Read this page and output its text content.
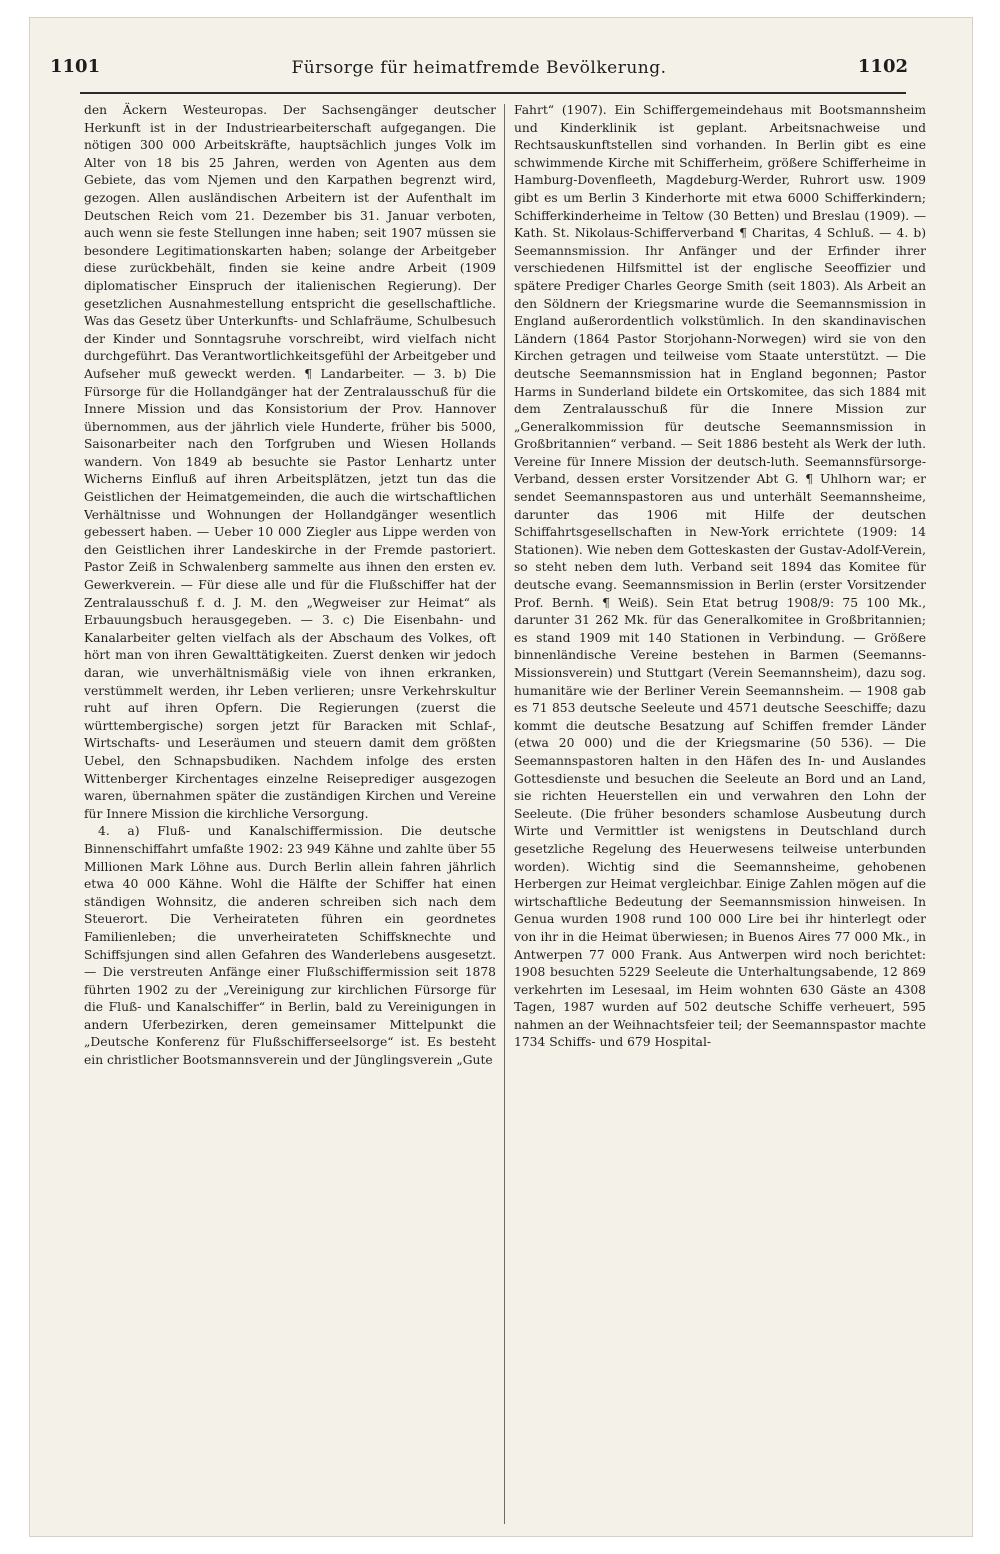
1101	Fürsorge für heimatfremde Bevölkerung.	1102

den Äckern Westeuropas. Der Sachsengänger deutscher Herkunft ist in der Industriearbeiterschaft aufgegangen. Die nötigen 300 000 Arbeitskräfte, hauptsächlich junges Volk im Alter von 18 bis 25 Jahren, werden von Agenten aus dem Gebiete, das vom Njemen und den Karpathen begrenzt wird, gezogen. Allen ausländischen Arbeitern ist der Aufenthalt im Deutschen Reich vom 21. Dezember bis 31. Januar verboten, auch wenn sie feste Stellungen inne haben; seit 1907 müssen sie besondere Legitimationskarten haben; solange der Arbeitgeber diese zurückbehält, finden sie keine andre Arbeit (1909 diplomatischer Einspruch der italienischen Regierung). Der gesetzlichen Ausnahmestellung entspricht die gesellschaftliche. Was das Gesetz über Unterkunfts- und Schlafräume, Schulbesuch der Kinder und Sonntagsruhe vorschreibt, wird vielfach nicht durchgeführt. Das Verantwortlichkeitsgefühl der Arbeitgeber und Aufseher muß geweckt werden. ¶ Landarbeiter. — 3. b) Die Fürsorge für die Hollandgänger hat der Zentralausschuß für die Innere Mission und das Konsistorium der Prov. Hannover übernommen, aus der jährlich viele Hunderte, früher bis 5000, Saisonarbeiter nach den Torfgruben und Wiesen Hollands wandern. Von 1849 ab besuchte sie Pastor Lenhartz unter Wicherns Einfluß auf ihren Arbeitsplätzen, jetzt tun das die Geistlichen der Heimatgemeinden, die auch die wirtschaftlichen Verhältnisse und Wohnungen der Hollandgänger wesentlich gebessert haben. — Ueber 10 000 Ziegler aus Lippe werden von den Geistlichen ihrer Landeskirche in der Fremde pastoriert. Pastor Zeiß in Schwalenberg sammelte aus ihnen den ersten ev. Gewerkverein. — Für diese alle und für die Flußschiffer hat der Zentralausschuß f. d. J. M. den „Wegweiser zur Heimat“ als Erbauungsbuch herausgegeben. — 3. c) Die Eisenbahn- und Kanalarbeiter gelten vielfach als der Abschaum des Volkes, oft hört man von ihren Gewalttätigkeiten. Zuerst denken wir jedoch daran, wie unverhältnismäßig viele von ihnen erkranken, verstümmelt werden, ihr Leben verlieren; unsre Verkehrskultur ruht auf ihren Opfern. Die Regierungen (zuerst die württembergische) sorgen jetzt für Baracken mit Schlaf-, Wirtschafts- und Leseräumen und steuern damit dem größten Uebel, den Schnapsbudiken. Nachdem infolge des ersten Wittenberger Kirchentages einzelne Reiseprediger ausgezogen waren, übernahmen später die zuständigen Kirchen und Vereine für Innere Mission die kirchliche Versorgung.

4. a) Fluß- und Kanalschiffermission. Die deutsche Binnenschiffahrt umfaßte 1902: 23 949 Kähne und zahlte über 55 Millionen Mark Löhne aus. Durch Berlin allein fahren jährlich etwa 40 000 Kähne. Wohl die Hälfte der Schiffer hat einen ständigen Wohnsitz, die anderen schreiben sich nach dem Steuerort. Die Verheirateten führen ein geordnetes Familienleben; die unverheirateten Schiffsknechte und Schiffsjungen sind allen Gefahren des Wanderlebens ausgesetzt. — Die verstreuten Anfänge einer Flußschiffermission seit 1878 führten 1902 zu der „Vereinigung zur kirchlichen Fürsorge für die Fluß- und Kanalschiffer“ in Berlin, bald zu Vereinigungen in andern Uferbezirken, deren gemeinsamer Mittelpunkt die „Deutsche Konferenz für Flußschifferseelsorge“ ist. Es besteht ein christlicher Bootsmannsverein und der Jünglingsverein „Gute

Fahrt“ (1907). Ein Schiffergemeindehaus mit Bootsmannsheim und Kinderklinik ist geplant. Arbeitsnachweise und Rechtsauskunftstellen sind vorhanden. In Berlin gibt es eine schwimmende Kirche mit Schifferheim, größere Schifferheime in Hamburg-Dovenfleeth, Magdeburg-Werder, Ruhrort usw. 1909 gibt es um Berlin 3 Kinderhorte mit etwa 6000 Schifferkindern; Schifferkinderheime in Teltow (30 Betten) und Breslau (1909). — Kath. St. Nikolaus-Schifferverband ¶ Charitas, 4 Schluß. — 4. b) Seemannsmission. Ihr Anfänger und der Erfinder ihrer verschiedenen Hilfsmittel ist der englische Seeoffizier und spätere Prediger Charles George Smith (seit 1803). Als Arbeit an den Söldnern der Kriegsmarine wurde die Seemannsmission in England außerordentlich volkstümlich. In den skandinavischen Ländern (1864 Pastor Storjohann-Norwegen) wird sie von den Kirchen getragen und teilweise vom Staate unterstützt. — Die deutsche Seemannsmission hat in England begonnen; Pastor Harms in Sunderland bildete ein Ortskomitee, das sich 1884 mit dem Zentralausschuß für die Innere Mission zur „Generalkommission für deutsche Seemannsmission in Großbritannien“ verband. — Seit 1886 besteht als Werk der luth. Vereine für Innere Mission der deutsch-luth. Seemannsfürsorge-Verband, dessen erster Vorsitzender Abt G. ¶ Uhlhorn war; er sendet Seemannspastoren aus und unterhält Seemannsheime, darunter das 1906 mit Hilfe der deutschen Schiffahrtsgesellschaften in New-York errichtete (1909: 14 Stationen). Wie neben dem Gotteskasten der Gustav-Adolf-Verein, so steht neben dem luth. Verband seit 1894 das Komitee für deutsche evang. Seemannsmission in Berlin (erster Vorsitzender Prof. Bernh. ¶ Weiß). Sein Etat betrug 1908/9: 75 100 Mk., darunter 31 262 Mk. für das Generalkomitee in Großbritannien; es stand 1909 mit 140 Stationen in Verbindung. — Größere binnenländische Vereine bestehen in Barmen (Seemanns-Missionsverein) und Stuttgart (Verein Seemannsheim), dazu sog. humanitäre wie der Berliner Verein Seemannsheim. — 1908 gab es 71 853 deutsche Seeleute und 4571 deutsche Seeschiffe; dazu kommt die deutsche Besatzung auf Schiffen fremder Länder (etwa 20 000) und die der Kriegsmarine (50 536). — Die Seemannspastoren halten in den Häfen des In- und Auslandes Gottesdienste und besuchen die Seeleute an Bord und an Land, sie richten Heuerstellen ein und verwahren den Lohn der Seeleute. (Die früher besonders schamlose Ausbeutung durch Wirte und Vermittler ist wenigstens in Deutschland durch gesetzliche Regelung des Heuerwesens teilweise unterbunden worden). Wichtig sind die Seemannsheime, gehobenen Herbergen zur Heimat vergleichbar. Einige Zahlen mögen auf die wirtschaftliche Bedeutung der Seemannsmission hinweisen. In Genua wurden 1908 rund 100 000 Lire bei ihr hinterlegt oder von ihr in die Heimat überwiesen; in Buenos Aires 77 000 Mk., in Antwerpen 77 000 Frank. Aus Antwerpen wird noch berichtet: 1908 besuchten 5229 Seeleute die Unterhaltungsabende, 12 869 verkehrten im Lesesaal, im Heim wohnten 630 Gäste an 4308 Tagen, 1987 wurden auf 502 deutsche Schiffe verheuert, 595 nahmen an der Weihnachtsfeier teil; der Seemannspastor machte 1734 Schiffs- und 679 Hospital-
